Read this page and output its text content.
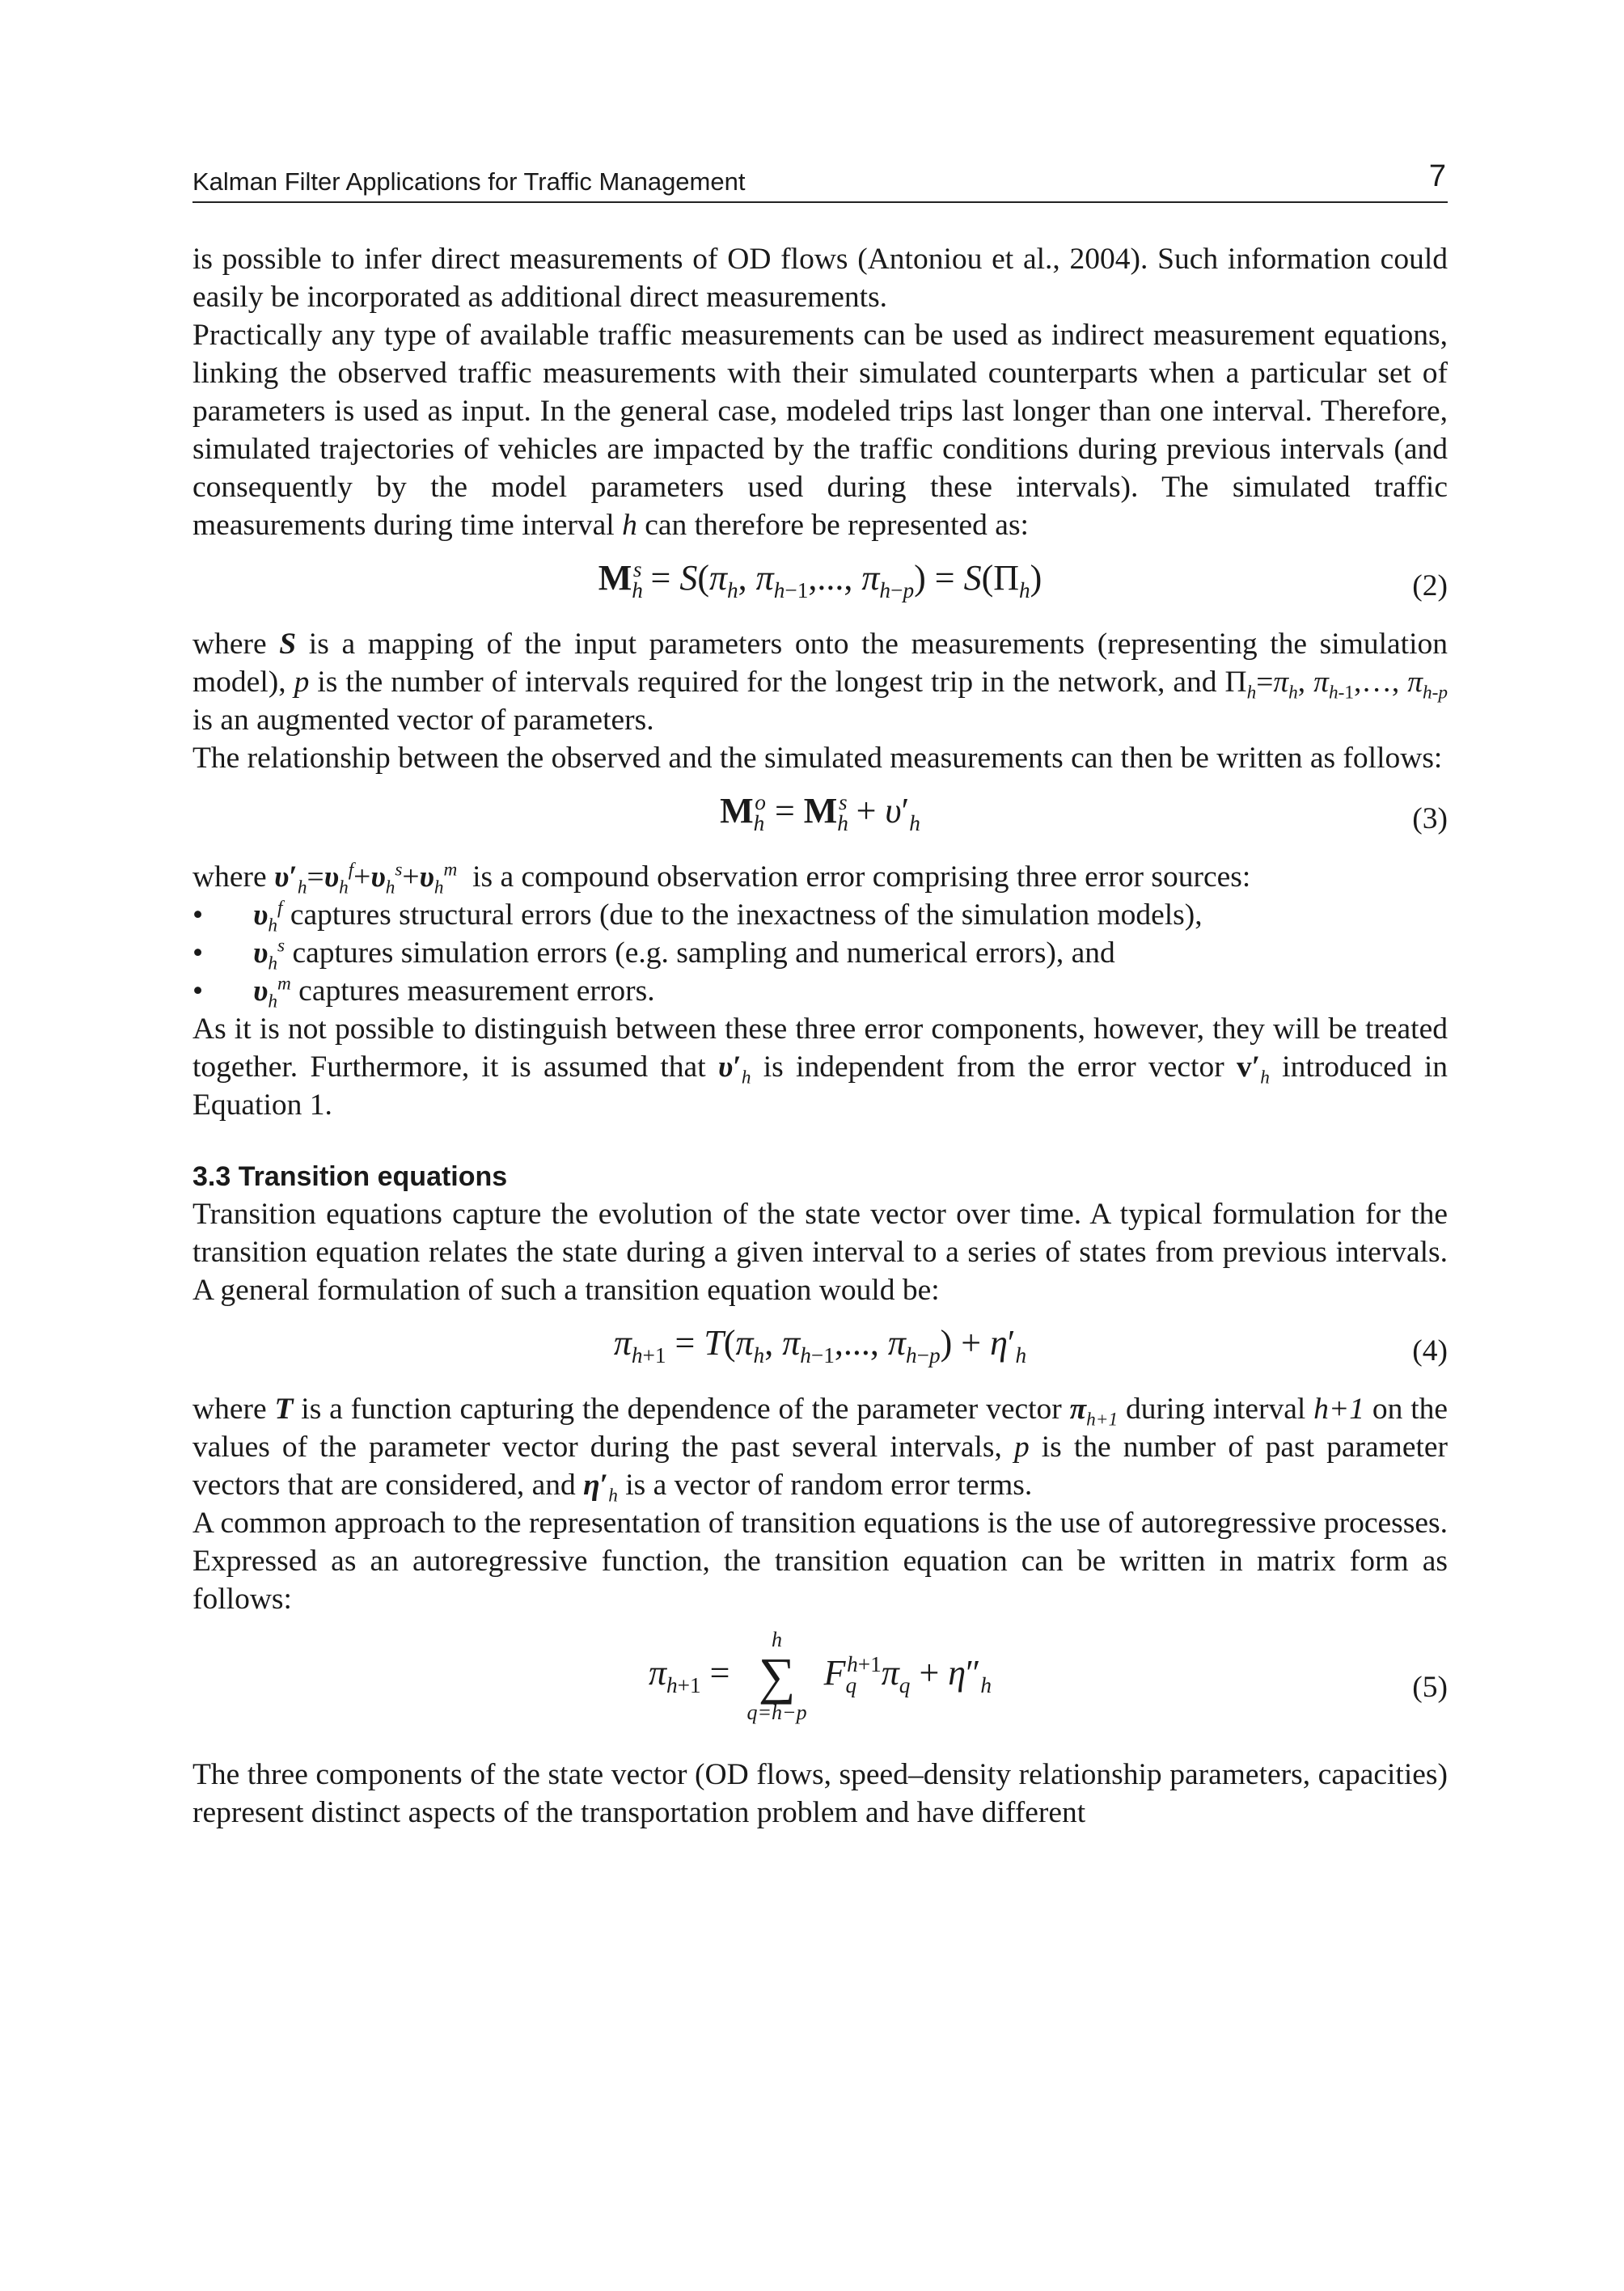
Kalman Filter Applications for Traffic Management	7

is possible to infer direct measurements of OD flows (Antoniou et al., 2004). Such information could easily be incorporated as additional direct measurements.

Practically any type of available traffic measurements can be used as indirect measurement equations, linking the observed traffic measurements with their simulated counterparts when a particular set of parameters is used as input. In the general case, modeled trips last longer than one interval. Therefore, simulated trajectories of vehicles are impacted by the traffic conditions during previous intervals (and consequently by the model parameters used during these intervals). The simulated traffic measurements during time interval h can therefore be represented as:

$M_h^s = S(\pi_h$, $\pi_{h-1}$,..., $\pi_{h-p}) = S(\Pi_h)$	(2)

where S is a mapping of the input parameters onto the measurements (representing the simulation model), p is the number of intervals required for the longest trip in the network, and $\Pi_h=\pi_h$, $\pi_{h-1},\dots$, $\pi_{h-p}$ is an augmented vector of parameters.

The relationship between the observed and the simulated measurements can then be written as follows:

$M_h^o = M_h^s + \upsilon'_h$	(3)

where $\upsilon'_h=\upsilon_h^f+\upsilon_h^s+\upsilon_h^m$ is a compound observation error comprising three error sources:

• $\upsilon_h^f$ captures structural errors (due to the inexactness of the simulation models),
• $\upsilon_h^s$ captures simulation errors (e.g. sampling and numerical errors), and
• $\upsilon_h^m$ captures measurement errors.

As it is not possible to distinguish between these three error components, however, they will be treated together. Furthermore, it is assumed that $\upsilon'_h$ is independent from the error vector $v'_h$ introduced in Equation 1.

3.3 Transition equations

Transition equations capture the evolution of the state vector over time. A typical formulation for the transition equation relates the state during a given interval to a series of states from previous intervals. A general formulation of such a transition equation would be:

$\pi_{h+1} = T(\pi_h$, $\pi_{h-1}$,..., $\pi_{h-p}) + \eta'_h$	(4)

where T is a function capturing the dependence of the parameter vector $\pi_{h+1}$ during interval h+1 on the values of the parameter vector during the past several intervals, p is the number of past parameter vectors that are considered, and $\eta'_h$ is a vector of random error terms.

A common approach to the representation of transition equations is the use of autoregressive processes. Expressed as an autoregressive function, the transition equation can be written in matrix form as follows:

$\pi_{h+1}$ =
h
∑
q=h−p
$F_q^{h+1}\pi_q + \eta''_h$	(5)

The three components of the state vector (OD flows, speed–density relationship parameters, capacities) represent distinct aspects of the transportation problem and have different
